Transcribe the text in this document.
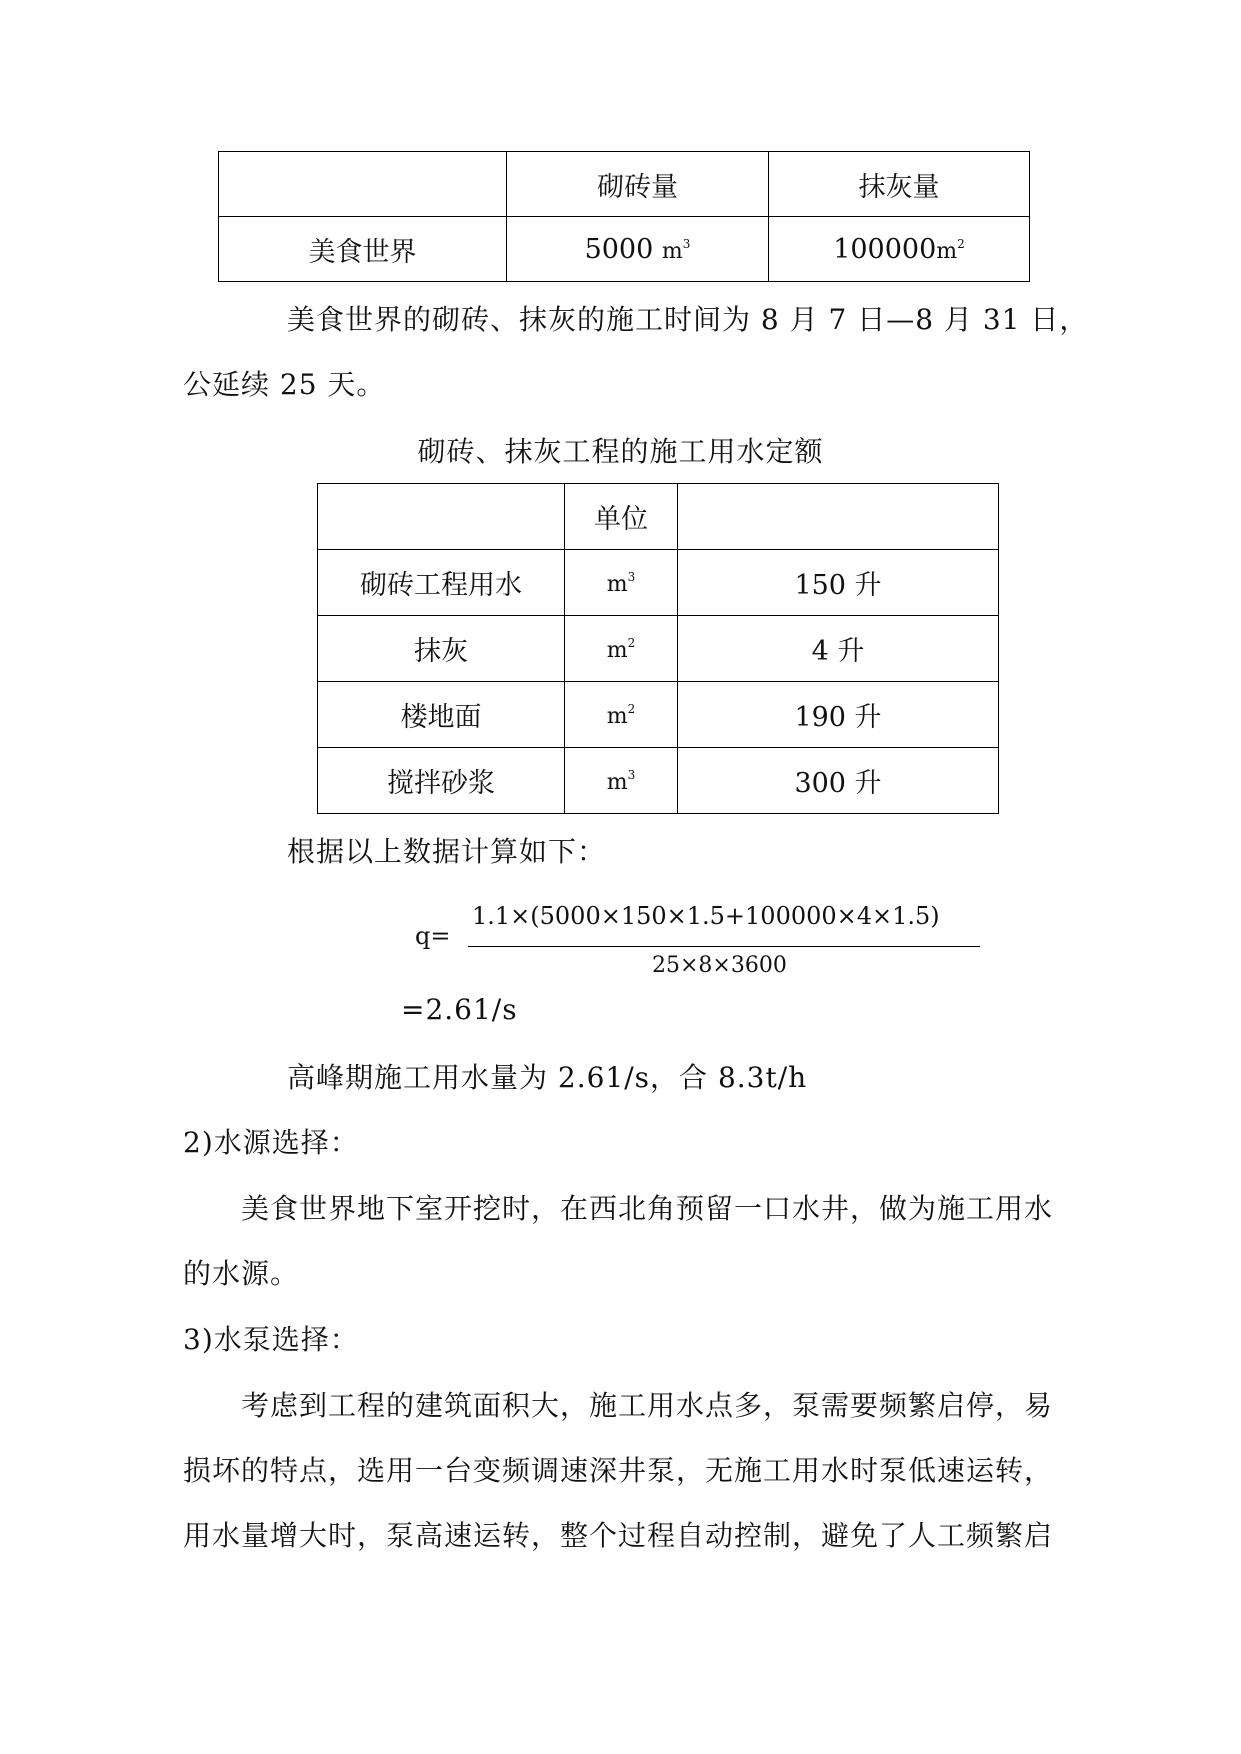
	砌砖量	抹灰量
美食世界	5000 $m^3$	$100000m^2$
美食世界的砌砖、抹灰的施工时间为 8 月 7 日—8 月 31 日，
公延续 25 天。
砌砖、抹灰工程的施工用水定额
	单位	
砌砖工程用水	$m^3$	150 升
抹灰	$m^2$	4 升
楼地面	$m^2$	190 升
搅拌砂浆	$m^3$	300 升
根据以上数据计算如下：
q=
1.1×(5000×150×1.5+100000×4×1.5)
25×8×3600
=2.61/s
高峰期施工用水量为 2.61/s，合 8.3t/h
2)水源选择：
美食世界地下室开挖时，在西北角预留一口水井，做为施工用水
的水源。
3)水泵选择：
考虑到工程的建筑面积大，施工用水点多，泵需要频繁启停，易
损坏的特点，选用一台变频调速深井泵，无施工用水时泵低速运转，
用水量增大时，泵高速运转，整个过程自动控制，避免了人工频繁启
